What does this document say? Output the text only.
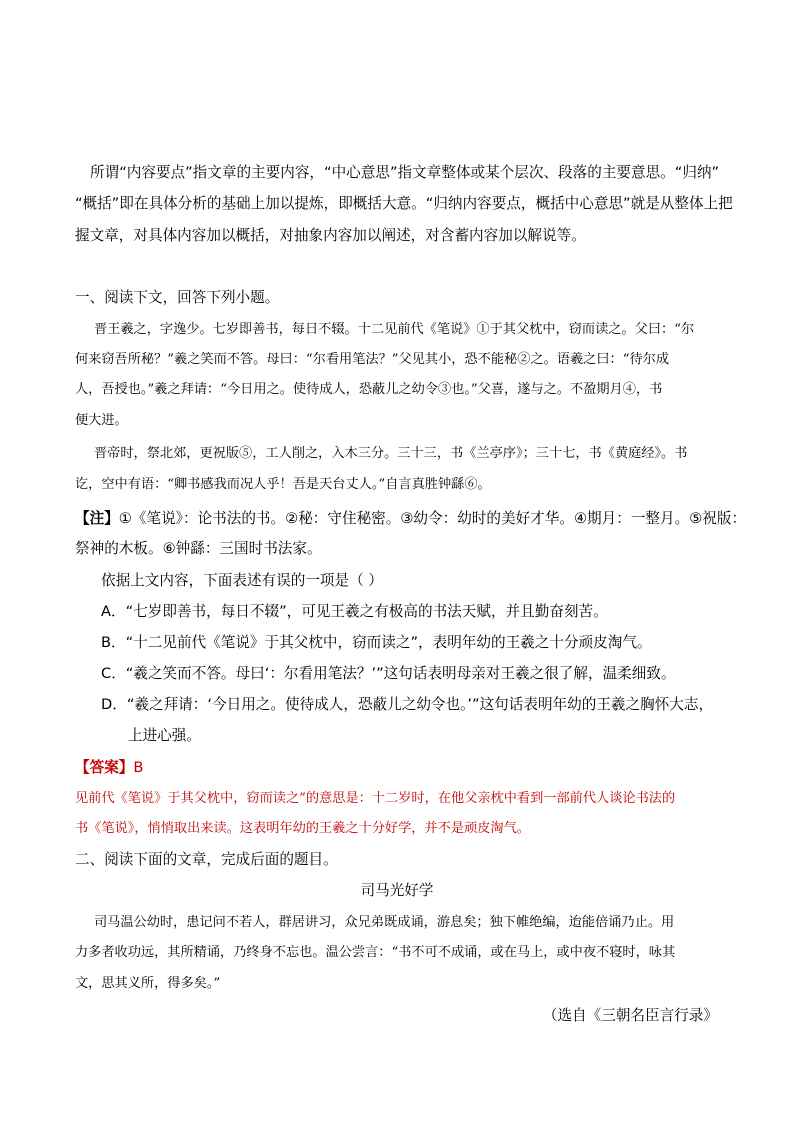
所谓“内容要点”指文章的主要内容，“中心意思”指文章整体或某个层次、段落的主要意思。“归纳”
“概括”即在具体分析的基础上加以提炼，即概括大意。“归纳内容要点，概括中心意思”就是从整体上把
握文章，对具体内容加以概括，对抽象内容加以阐述，对含蓄内容加以解说等。
一、阅读下文，回答下列小题。
晋王羲之，字逸少。七岁即善书，每日不辍。十二见前代《笔说》①于其父枕中，窃而读之。父曰：“尔
何来窃吾所秘？”羲之笑而不答。母曰：“尔看用笔法？”父见其小，恐不能秘②之。语羲之曰：“待尔成
人，吾授也。”羲之拜请：“今日用之。使待成人，恐蔽儿之幼令③也。”父喜，遂与之。不盈期月④，书
便大进。
晋帝时，祭北郊，更祝版⑤，工人削之，入木三分。三十三，书《兰亭序》；三十七，书《黄庭经》。书
讫，空中有语：“卿书感我而况人乎！吾是天台丈人。”自言真胜钟繇⑥。
【注】①《笔说》：论书法的书。②秘：守住秘密。③幼令：幼时的美好才华。④期月：一整月。⑤祝版：
祭神的木板。⑥钟繇：三国时书法家。
依据上文内容，下面表述有误的一项是（ ）
A．“七岁即善书，每日不辍”，可见王羲之有极高的书法天赋，并且勤奋刻苦。
B．“十二见前代《笔说》于其父枕中，窃而读之”，表明年幼的王羲之十分顽皮淘气。
C．“羲之笑而不答。母曰‘：尔看用笔法？’”这句话表明母亲对王羲之很了解，温柔细致。
D．“羲之拜请：‘今日用之。使待成人，恐蔽儿之幼令也。’”这句话表明年幼的王羲之胸怀大志，
上进心强。
【答案】B
见前代《笔说》于其父枕中，窃而读之”的意思是：十二岁时，在他父亲枕中看到一部前代人谈论书法的
书《笔说》，悄悄取出来读。这表明年幼的王羲之十分好学，并不是顽皮淘气。
二、阅读下面的文章，完成后面的题目。
司马光好学
司马温公幼时，患记问不若人，群居讲习，众兄弟既成诵，游息矣；独下帷绝编，迨能倍诵乃止。用
力多者收功远，其所精诵，乃终身不忘也。温公尝言：“书不可不成诵，或在马上，或中夜不寝时，咏其
文，思其义所，得多矣。”
（选自《三朝名臣言行录》
